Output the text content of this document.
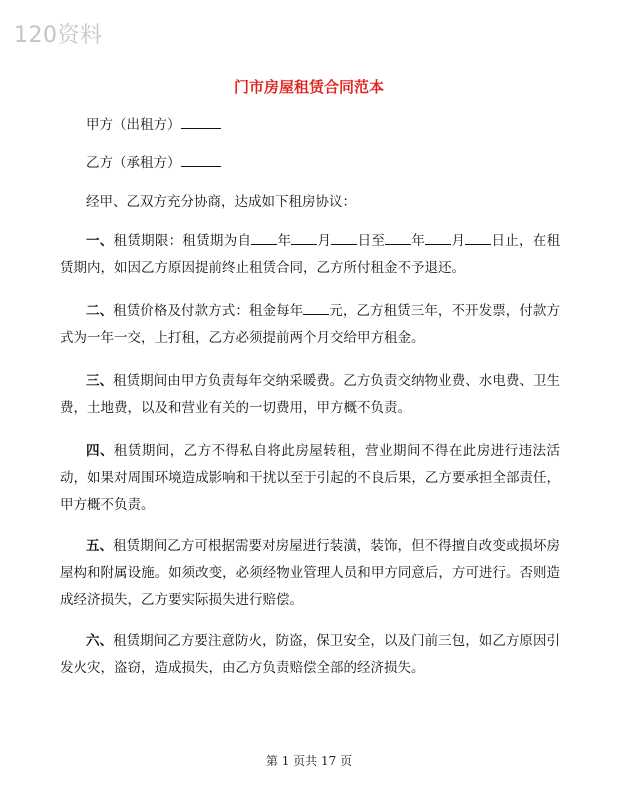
120资料
门市房屋租赁合同范本
甲方（出租方）
乙方（承租方）
经甲、乙双方充分协商，达成如下租房协议：
一、租赁期限：租赁期为自 年 月 日至 年 月 日止，在租赁期内，如因乙方原因提前终止租赁合同，乙方所付租金不予退还。
二、租赁价格及付款方式：租金每年 元，乙方租赁三年，不开发票，付款方式为一年一交，上打租，乙方必须提前两个月交给甲方租金。
三、租赁期间由甲方负责每年交纳采暖费。乙方负责交纳物业费、水电费、卫生费，土地费，以及和营业有关的一切费用，甲方概不负责。
四、租赁期间，乙方不得私自将此房屋转租，营业期间不得在此房进行违法活动，如果对周围环境造成影响和干扰以至于引起的不良后果，乙方要承担全部责任，甲方概不负责。
五、租赁期间乙方可根据需要对房屋进行装潢，装饰，但不得擅自改变或损坏房屋构和附属设施。如须改变，必须经物业管理人员和甲方同意后，方可进行。否则造成经济损失，乙方要实际损失进行赔偿。
六、租赁期间乙方要注意防火，防盗，保卫安全，以及门前三包，如乙方原因引发火灾，盗窃，造成损失，由乙方负责赔偿全部的经济损失。
第 1 页共 17 页
